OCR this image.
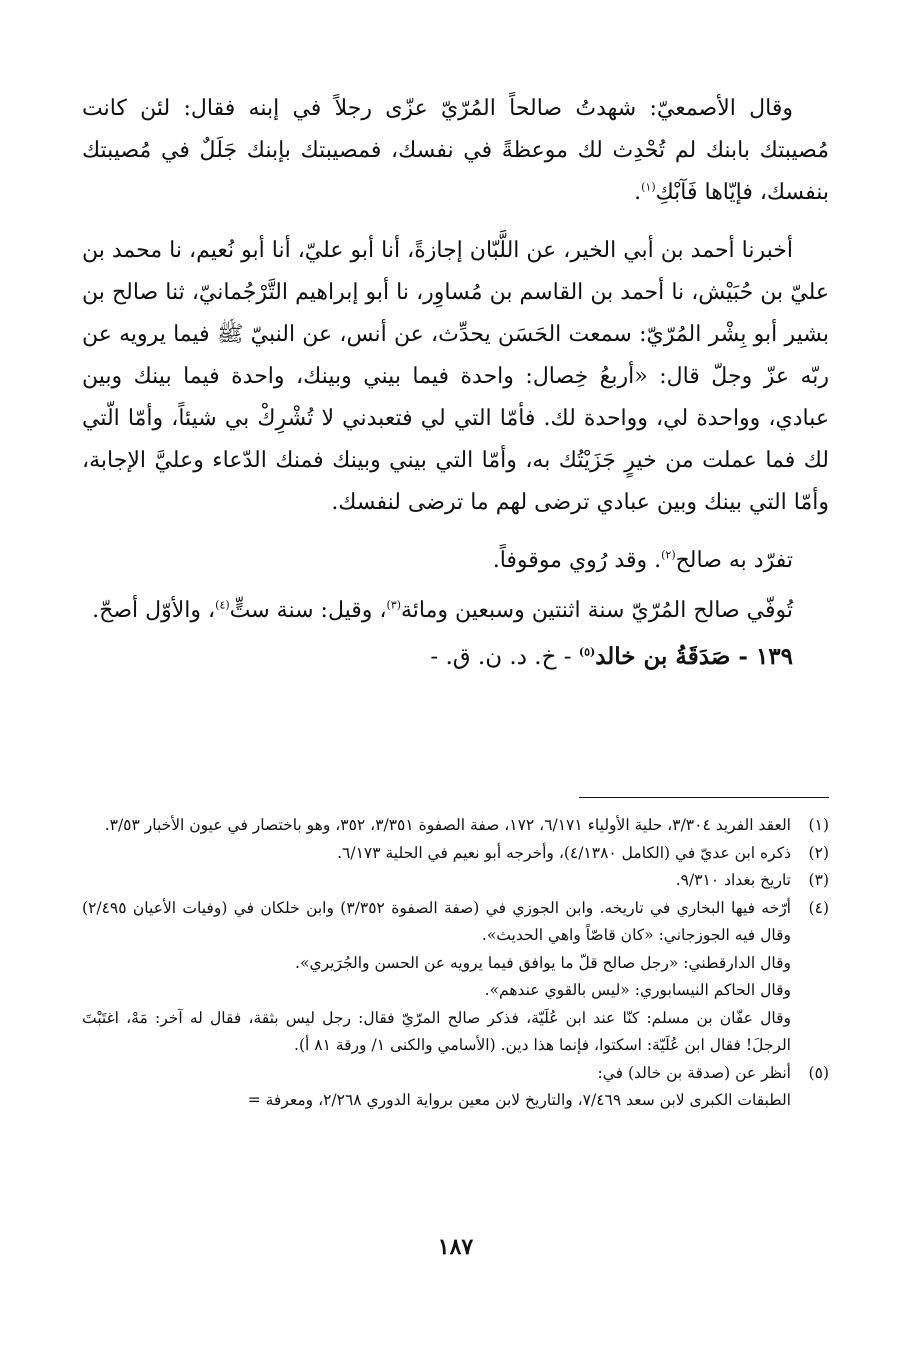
وقال الأصمعيّ: شهدتُ صالحاً المُرّيّ عزّى رجلاً في إبنه فقال: لئن كانت مُصيبتك بابنك لم تُحْدِث لك موعظةً في نفسك، فمصيبتك بإبنك جَلَلٌ في مُصيبتك بنفسك، فإيّاها فَآبْكِ$^{(١)}$.

أخبرنا أحمد بن أبي الخير، عن اللَّبّان إجازةً، أنا أبو عليّ، أنا أبو نُعيم، نا محمد بن عليّ بن حُبَيْش، نا أحمد بن القاسم بن مُساوِر، نا أبو إبراهيم التَّرْجُمانيّ، ثنا صالح بن بشير أبو بِشْر المُرّيّ: سمعت الحَسَن يحدِّث، عن أنس، عن النبيّ ﷺ فيما يرويه عن ربّه عزّ وجلّ قال: «أربعُ خِصال: واحدة فيما بيني وبينك، واحدة فيما بينك وبين عبادي، وواحدة لي، وواحدة لك. فأمّا التي لي فتعبدني لا تُشْرِكْ بي شيئاً، وأمّا الّتي لك فما عملت من خيرٍ جَزَيْتُك به، وأمّا التي بيني وبينك فمنك الدّعاء وعليَّ الإجابة، وأمّا التي بينك وبين عبادي ترضى لهم ما ترضى لنفسك.

تفرّد به صالح$^{(٢)}$. وقد رُوي موقوفاً.

تُوفّي صالح المُرّيّ سنة اثنتين وسبعين ومائة$^{(٣)}$، وقيل: سنة ستٍّ$^{(٤)}$، والأوّل أصحّ.

١٣٩ - صَدَقَةُ بن خالد$^{(٥)}$ - خ. د. ن. ق. -

(١)
العقد الفريد ٣/٣٠٤، حلية الأولياء ٦/١٧١، ١٧٢، صفة الصفوة ٣/٣٥١، ٣٥٢، وهو باختصار في عيون الأخبار ٣/٥٣.
(٢)
ذكره ابن عديّ في (الكامل ٤/١٣٨٠)، وأخرجه أبو نعيم في الحلية ٦/١٧٣.
(٣)
تاريخ بغداد ٩/٣١٠.
(٤)
أرّخه فيها البخاري في تاريخه. وابن الجوزي في (صفة الصفوة ٣/٣٥٢) وابن خلكان في (وفيات الأعيان ٢/٤٩٥) وقال فيه الجوزجاني: «كان قاصّاً واهي الحديث».
وقال الدارقطني: «رجل صالح قلّ ما يوافق فيما يرويه عن الحسن والجُرَيري».
وقال الحاكم النيسابوري: «ليس بالقوي عندهم».
وقال عفّان بن مسلم: كنّا عند ابن عُلَيّة، فذكر صالح المرّيّ فقال: رجل ليس بثقة، فقال له آخر: مَهْ، اغتَبْتَ الرجلَ! فقال ابن عُلَيّة: اسكتوا، فإنما هذا دين. (الأسامي والكنى ١/ ورقة ٨١ أ).
(٥)
أنظر عن (صدقة بن خالد) في:
الطبقات الكبرى لابن سعد ٧/٤٦٩، والتاريخ لابن معين برواية الدوري ٢/٢٦٨، ومعرفة =
١٨٧
